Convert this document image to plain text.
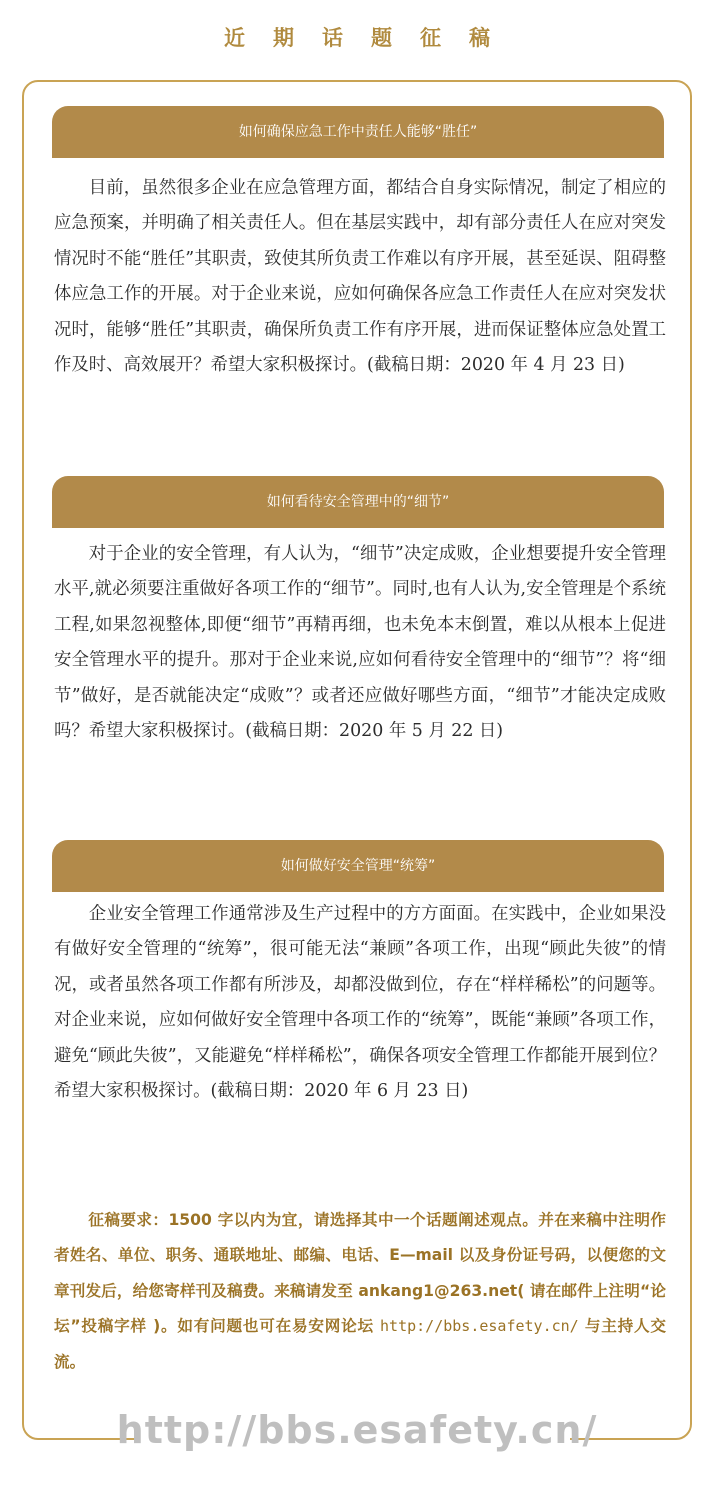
近期话题征稿
如何确保应急工作中责任人能够“胜任”

目前，虽然很多企业在应急管理方面，都结合自身实际情况，制定了相应的应急预案，并明确了相关责任人。但在基层实践中，却有部分责任人在应对突发情况时不能“胜任”其职责，致使其所负责工作难以有序开展，甚至延误、阻碍整体应急工作的开展。对于企业来说，应如何确保各应急工作责任人在应对突发状况时，能够“胜任”其职责，确保所负责工作有序开展，进而保证整体应急处置工作及时、高效展开？希望大家积极探讨。(截稿日期：2020 年 4 月 23 日)

如何看待安全管理中的“细节”

对于企业的安全管理，有人认为，“细节”决定成败，企业想要提升安全管理水平,就必须要注重做好各项工作的“细节”。同时,也有人认为,安全管理是个系统工程,如果忽视整体,即便“细节”再精再细，也未免本末倒置，难以从根本上促进安全管理水平的提升。那对于企业来说,应如何看待安全管理中的“细节”？将“细节”做好，是否就能决定“成败”？或者还应做好哪些方面，“细节”才能决定成败吗？希望大家积极探讨。(截稿日期：2020 年 5 月 22 日)

如何做好安全管理“统筹”

企业安全管理工作通常涉及生产过程中的方方面面。在实践中，企业如果没有做好安全管理的“统筹”，很可能无法“兼顾”各项工作，出现“顾此失彼”的情况，或者虽然各项工作都有所涉及，却都没做到位，存在“样样稀松”的问题等。对企业来说，应如何做好安全管理中各项工作的“统筹”，既能“兼顾”各项工作，避免“顾此失彼”，又能避免“样样稀松”，确保各项安全管理工作都能开展到位？希望大家积极探讨。(截稿日期：2020 年 6 月 23 日)

征稿要求：1500 字以内为宜，请选择其中一个话题阐述观点。并在来稿中注明作者姓名、单位、职务、通联地址、邮编、电话、E—mail 以及身份证号码，以便您的文章刊发后，给您寄样刊及稿费。来稿请发至 ankang1@263.net( 请在邮件上注明“论坛”投稿字样 )。如有问题也可在易安网论坛 http://bbs.esafety.cn/ 与主持人交流。

http://bbs.esafety.cn/
